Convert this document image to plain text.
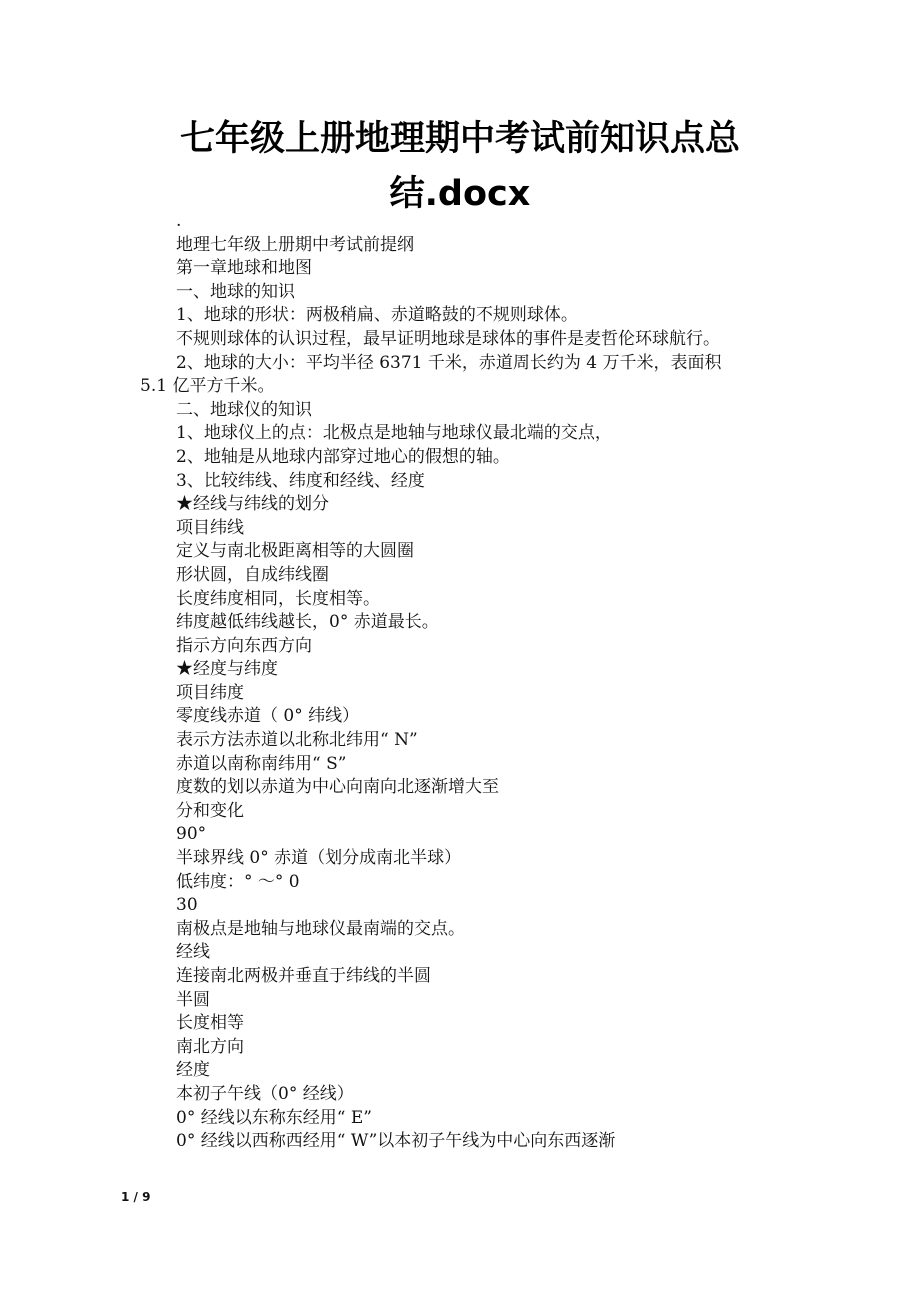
七年级上册地理期中考试前知识点总
结.docx
.
地理七年级上册期中考试前提纲
第一章地球和地图
一、地球的知识
1、地球的形状：两极稍扁、赤道略鼓的不规则球体。
不规则球体的认识过程，最早证明地球是球体的事件是麦哲伦环球航行。
2、地球的大小：平均半径 6371 千米，赤道周长约为 4 万千米，表面积
5.1 亿平方千米。
二、地球仪的知识
1、地球仪上的点：北极点是地轴与地球仪最北端的交点，
2、地轴是从地球内部穿过地心的假想的轴。
3、比较纬线、纬度和经线、经度
★经线与纬线的划分
项目纬线
定义与南北极距离相等的大圆圈
形状圆，自成纬线圈
长度纬度相同，长度相等。
纬度越低纬线越长，0° 赤道最长。
指示方向东西方向
★经度与纬度
项目纬度
零度线赤道（ 0° 纬线）
表示方法赤道以北称北纬用“ N”
赤道以南称南纬用“ S”
度数的划以赤道为中心向南向北逐渐增大至
分和变化
90°
半球界线 0° 赤道（划分成南北半球）
低纬度：° ～° 0
30
南极点是地轴与地球仪最南端的交点。
经线
连接南北两极并垂直于纬线的半圆
半圆
长度相等
南北方向
经度
本初子午线（0° 经线）
0° 经线以东称东经用“ E”
0° 经线以西称西经用“ W”以本初子午线为中心向东西逐渐
1 / 9
